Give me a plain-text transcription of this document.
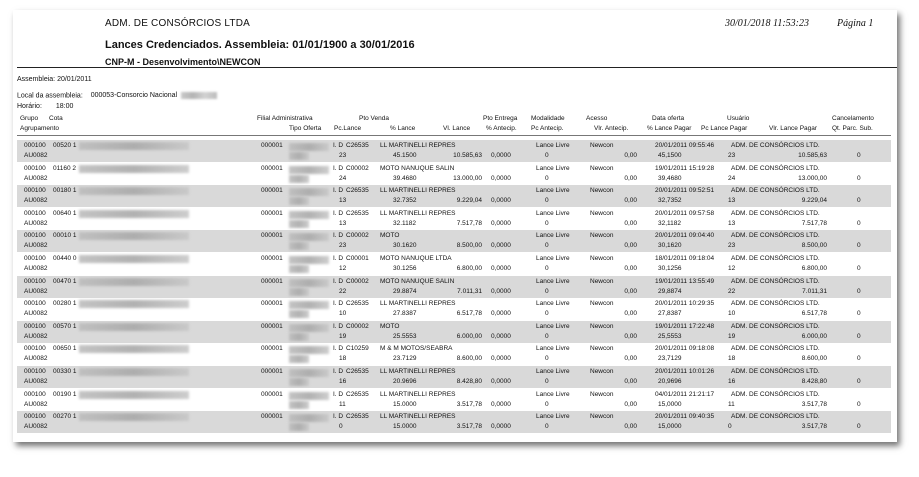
ADM. DE CONSÓRCIOS LTDA	30/01/2018 11:53:23	Página 1
Lances Credenciados. Assembleia: 01/01/1900 a 30/01/2016
CNP-M - Desenvolvimento\NEWCON
Assembleia: 20/01/2011
Local da assembleia: 000053-Consorcio Nacional
Horário: 18:00
Grupo Cota	Filial Administrativa	Pto Venda	Pto Entrega Modalidade	Acesso	Data oferta	Usuário	Cancelamento
Agrupamento	Tipo Oferta Pc.Lance	% Lance	Vl. Lance % Antecip. Pc Antecip.	Vlr. Antecip.	% Lance Pagar Pc Lance Pagar	Vlr. Lance Pagar Qt. Parc. Sub.
000100 00520 1	000001	I. D C26535 LL MARTINELLI REPRES	Lance Livre	Newcon	20/01/2011 09:55:46	ADM. DE CONSÓRCIOS LTD.
AU0082	23	45.1500	10.585,63 0,0000	0	0,00	45,1500	23	10.585,63	0
000100 01160 2	000001	I. D C00002 MOTO NANUQUE SALIN	Lance Livre	Newcon	19/01/2011 15:19:28	ADM. DE CONSÓRCIOS LTD.
AU0082	24	39.4680	13.000,00 0,0000	0	0,00	39,4680	24	13.000,00	0
000100 00180 1	000001	I. D C26535 LL MARTINELLI REPRES	Lance Livre	Newcon	20/01/2011 09:52:51	ADM. DE CONSÓRCIOS LTD.
AU0082	13	32.7352	9.229,04 0,0000	0	0,00	32,7352	13	9.229,04	0
000100 00640 1	000001	I. D C26535 LL MARTINELLI REPRES	Lance Livre	Newcon	20/01/2011 09:57:58	ADM. DE CONSÓRCIOS LTD.
AU0082	13	32.1182	7.517,78 0,0000	0	0,00	32,1182	13	7.517,78	0
000100 00010 1	000001	I. D C00002 MOTO	Lance Livre	Newcon	20/01/2011 09:04:40	ADM. DE CONSÓRCIOS LTD.
AU0082	23	30.1620	8.500,00 0,0000	0	0,00	30,1620	23	8.500,00	0
000100 00440 0	000001	I. D C00001 MOTO NANUQUE LTDA	Lance Livre	Newcon	18/01/2011 09:18:04	ADM. DE CONSÓRCIOS LTD.
AU0082	12	30.1256	6.800,00 0,0000	0	0,00	30,1256	12	6.800,00	0
000100 00470 1	000001	I. D C00002 MOTO NANUQUE SALIN	Lance Livre	Newcon	19/01/2011 13:55:49	ADM. DE CONSÓRCIOS LTD.
AU0082	22	29.8874	7.011,31 0,0000	0	0,00	29,8874	22	7.011,31	0
000100 00280 1	000001	I. D C26535 LL MARTINELLI REPRES	Lance Livre	Newcon	20/01/2011 10:29:35	ADM. DE CONSÓRCIOS LTD.
AU0082	10	27.8387	6.517,78 0,0000	0	0,00	27,8387	10	6.517,78	0
000100 00570 1	000001	I. D C00002 MOTO	Lance Livre	Newcon	19/01/2011 17:22:48	ADM. DE CONSÓRCIOS LTD.
AU0082	19	25.5553	6.000,00 0,0000	0	0,00	25,5553	19	6.000,00	0
000100 00650 1	000001	I. D C10259 M & M MOTOS/SEABRA	Lance Livre	Newcon	20/01/2011 09:18:08	ADM. DE CONSÓRCIOS LTD.
AU0082	18	23.7129	8.600,00 0,0000	0	0,00	23,7129	18	8.600,00	0
000100 00330 1	000001	I. D C26535 LL MARTINELLI REPRES	Lance Livre	Newcon	20/01/2011 10:01:26	ADM. DE CONSÓRCIOS LTD.
AU0082	16	20.9696	8.428,80 0,0000	0	0,00	20,9696	16	8.428,80	0
000100 00190 1	000001	I. D C26535 LL MARTINELLI REPRES	Lance Livre	Newcon	04/01/2011 21:21:17	ADM. DE CONSÓRCIOS LTD.
AU0082	11	15.0000	3.517,78 0,0000	0	0,00	15,0000	11	3.517,78	0
000100 00270 1	000001	I. D C26535 LL MARTINELLI REPRES	Lance Livre	Newcon	20/01/2011 09:40:35	ADM. DE CONSÓRCIOS LTD.
AU0082	0	15.0000	3.517,78 0,0000	0	0,00	15,0000	0	3.517,78	0
